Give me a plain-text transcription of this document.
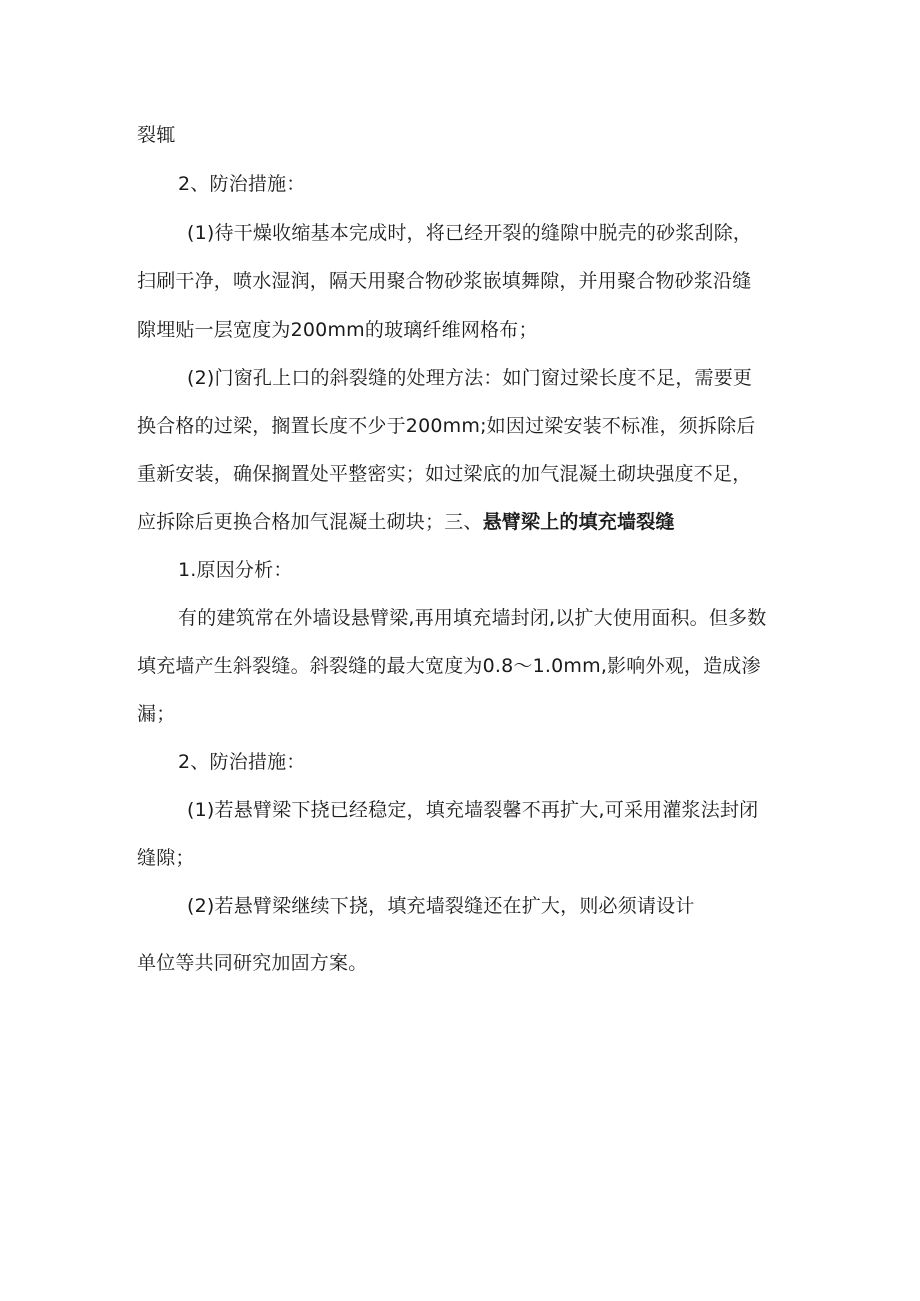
裂辄
2、防治措施：
(1)待干燥收缩基本完成时，将已经开裂的缝隙中脱壳的砂浆刮除，
扫刷干净，喷水湿润，隔天用聚合物砂浆嵌填舞隙，并用聚合物砂浆沿缝
隙埋贴一层宽度为200mm的玻璃纤维网格布；
(2)门窗孔上口的斜裂缝的处理方法：如门窗过梁长度不足，需要更
换合格的过梁，搁置长度不少于200mm;如因过梁安装不标准，须拆除后
重新安装，确保搁置处平整密实；如过梁底的加气混凝土砌块强度不足，
应拆除后更换合格加气混凝土砌块；三、悬臂梁上的填充墙裂缝
1.原因分析：
有的建筑常在外墙设悬臂梁,再用填充墙封闭,以扩大使用面积。但多数
填充墙产生斜裂缝。斜裂缝的最大宽度为0.8～1.0mm,影响外观，造成渗
漏；
2、防治措施：
(1)若悬臂梁下挠已经稳定，填充墙裂馨不再扩大,可采用灌浆法封闭
缝隙；
(2)若悬臂梁继续下挠，填充墙裂缝还在扩大，则必须请设计
单位等共同研究加固方案。
